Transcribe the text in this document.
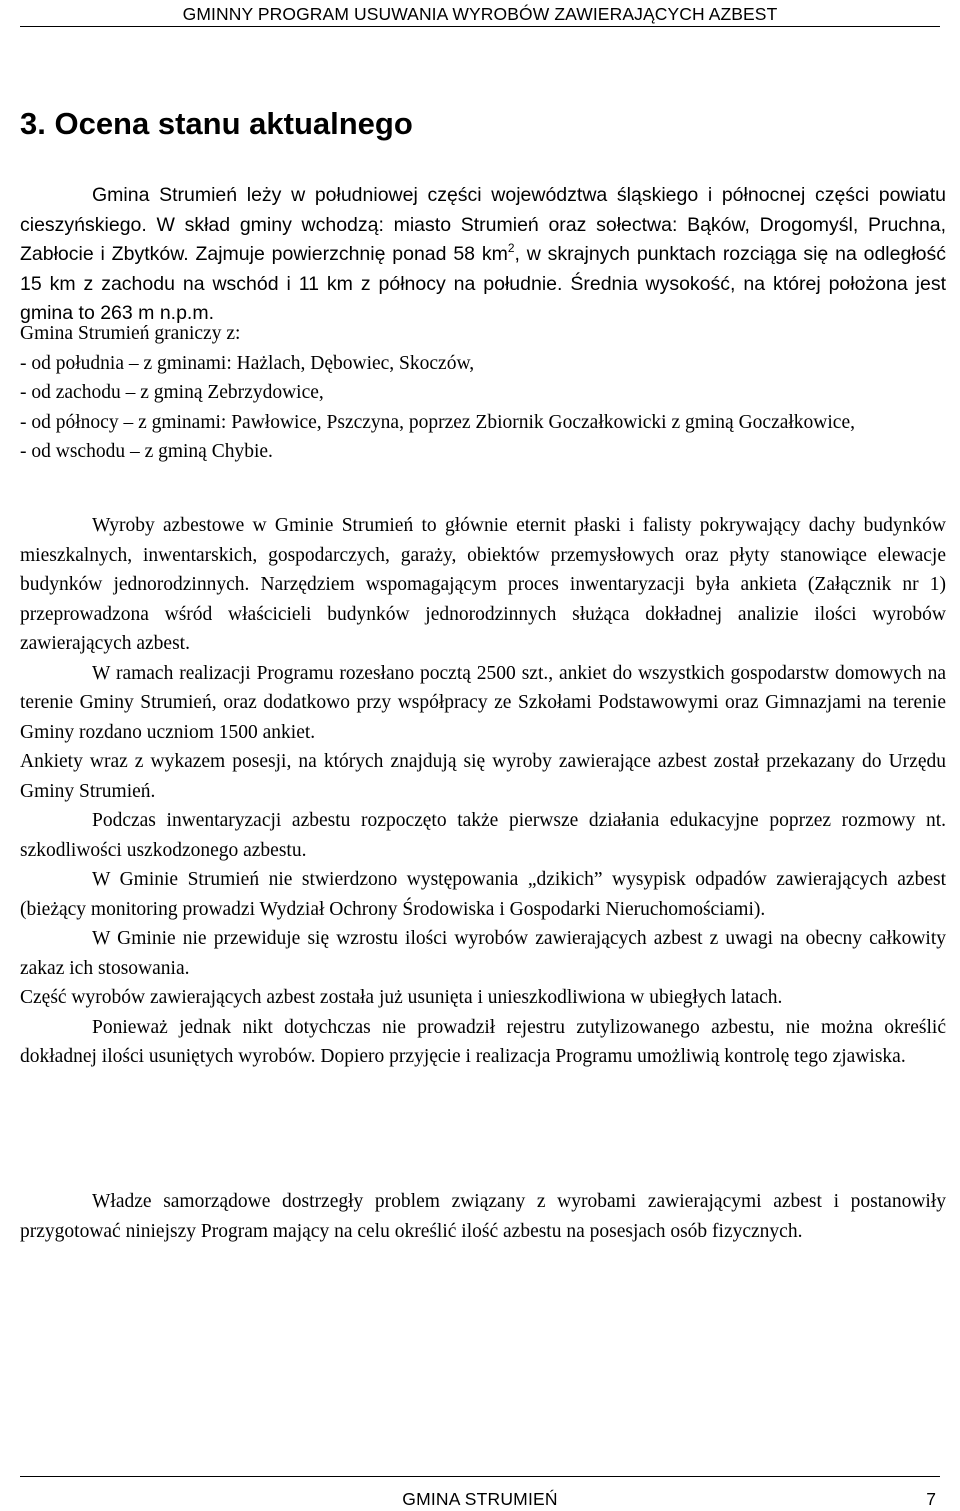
GMINNY PROGRAM USUWANIA WYROBÓW ZAWIERAJĄCYCH AZBEST
3. Ocena stanu aktualnego

Gmina Strumień leży w południowej części województwa śląskiego i północnej części powiatu cieszyńskiego. W skład gminy wchodzą: miasto Strumień oraz sołectwa: Bąków, Drogomyśl, Pruchna, Zabłocie i Zbytków. Zajmuje powierzchnię ponad 58 $km^2$, w skrajnych punktach rozciąga się na odległość 15 km z zachodu na wschód i 11 km z północy na południe. Średnia wysokość, na której położona jest gmina to 263 m n.p.m.

Gmina Strumień graniczy z:

- od południa – z gminami: Hażlach, Dębowiec, Skoczów,

- od zachodu – z gminą Zebrzydowice,

- od północy – z gminami: Pawłowice, Pszczyna, poprzez Zbiornik Goczałkowicki z gminą Goczałkowice,

- od wschodu – z gminą Chybie.

Wyroby azbestowe w Gminie Strumień to głównie eternit płaski i falisty pokrywający dachy budynków mieszkalnych, inwentarskich, gospodarczych, garaży, obiektów przemysłowych oraz płyty stanowiące elewacje budynków jednorodzinnych. Narzędziem wspomagającym proces inwentaryzacji była ankieta (Załącznik nr 1) przeprowadzona wśród właścicieli budynków jednorodzinnych służąca dokładnej analizie ilości wyrobów zawierających azbest.

W ramach realizacji Programu rozesłano pocztą 2500 szt., ankiet do wszystkich gospodarstw domowych na terenie Gminy Strumień, oraz dodatkowo przy współpracy ze Szkołami Podstawowymi oraz Gimnazjami na terenie Gminy rozdano uczniom 1500 ankiet.

Ankiety wraz z wykazem posesji, na których znajdują się wyroby zawierające azbest został przekazany do Urzędu Gminy Strumień.

Podczas inwentaryzacji azbestu rozpoczęto także pierwsze działania edukacyjne poprzez rozmowy nt. szkodliwości uszkodzonego azbestu.

W Gminie Strumień nie stwierdzono występowania „dzikich” wysypisk odpadów zawierających azbest (bieżący monitoring prowadzi Wydział Ochrony Środowiska i Gospodarki Nieruchomościami).

W Gminie nie przewiduje się wzrostu ilości wyrobów zawierających azbest z uwagi na obecny całkowity zakaz ich stosowania.

Część wyrobów zawierających azbest została już usunięta i unieszkodliwiona w ubiegłych latach.

Ponieważ jednak nikt dotychczas nie prowadził rejestru zutylizowanego azbestu, nie można określić dokładnej ilości usuniętych wyrobów. Dopiero przyjęcie i realizacja Programu umożliwią kontrolę tego zjawiska.

Władze samorządowe dostrzegły problem związany z wyrobami zawierającymi azbest i postanowiły przygotować niniejszy Program mający na celu określić ilość azbestu na posesjach osób fizycznych.

GMINA STRUMIEŃ	7
